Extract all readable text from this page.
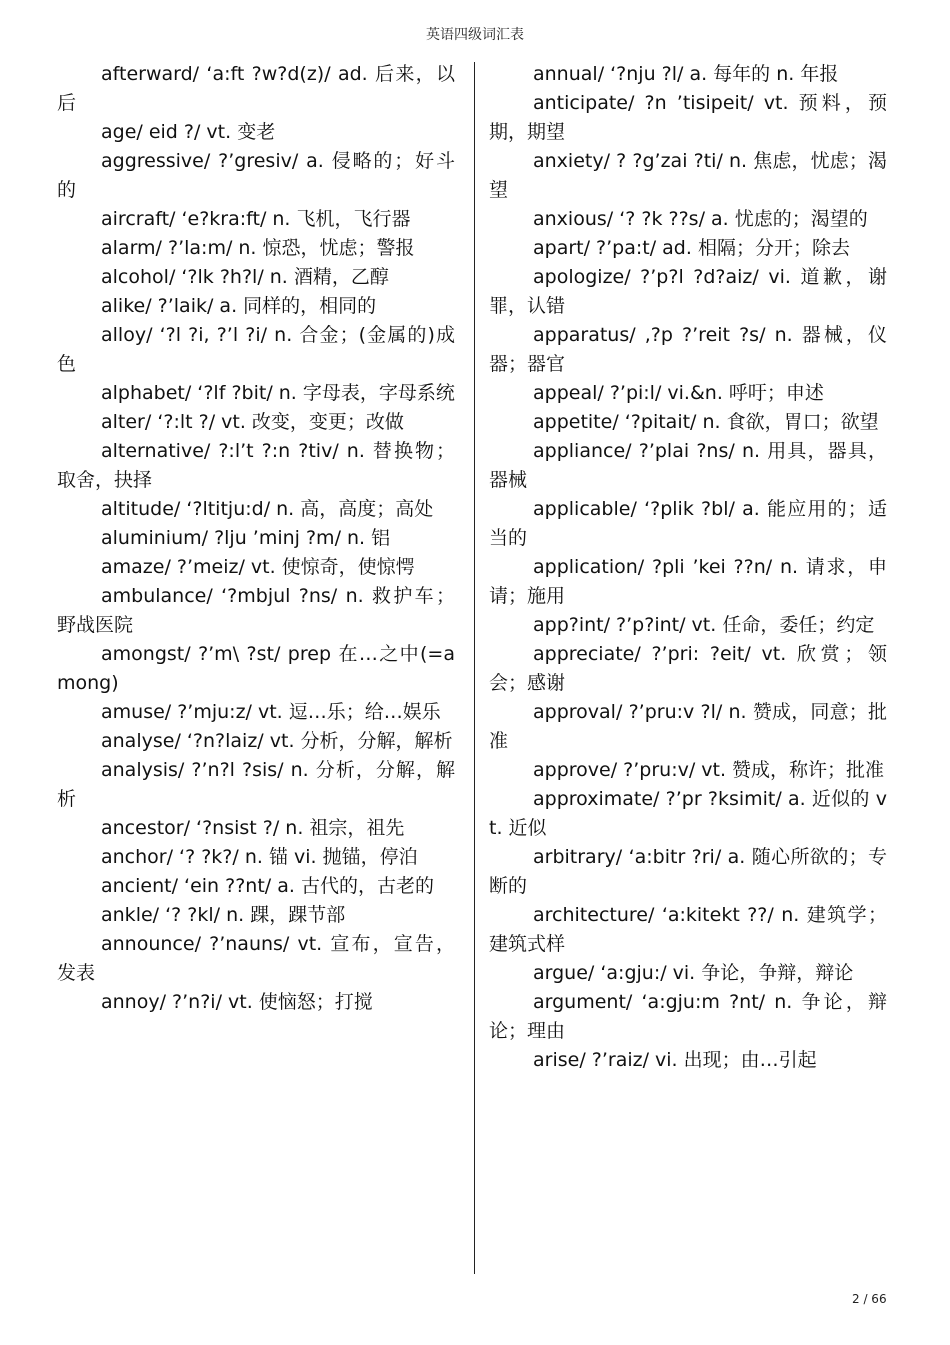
英语四级词汇表

afterward/ ‘a:ft ?w?d(z)/ ad. 后来，以后

age/ eid ?/ vt. 变老

aggressive/ ?’gresiv/ a. 侵略的；好斗的

aircraft/ ‘e?kra:ft/ n. 飞机，飞行器

alarm/ ?’la:m/ n. 惊恐，忧虑；警报

alcohol/ ‘?lk ?h?l/ n. 酒精，乙醇

alike/ ?’laik/ a. 同样的，相同的

alloy/ ‘?l ?i, ?’l ?i/ n. 合金；(金属的)成色

alphabet/ ‘?lf ?bit/ n. 字母表，字母系统

alter/ ‘?:lt ?/ vt. 改变，变更；改做

alternative/ ?:l’t ?:n ?tiv/ n. 替换物；取舍，抉择

altitude/ ‘?ltitju:d/ n. 高，高度；高处

aluminium/ ?lju ’minj ?m/ n. 铝

amaze/ ?’meiz/ vt. 使惊奇，使惊愕

ambulance/ ‘?mbjul ?ns/ n. 救护车；野战医院

amongst/ ?’m\ ?st/ prep 在…之中(=among)

amuse/ ?’mju:z/ vt. 逗…乐；给…娱乐

analyse/ ‘?n?laiz/ vt. 分析，分解，解析

analysis/ ?’n?l ?sis/ n. 分析，分解，解析

ancestor/ ‘?nsist ?/ n. 祖宗，祖先

anchor/ ‘? ?k?/ n. 锚 vi. 抛锚，停泊

ancient/ ‘ein ??nt/ a. 古代的，古老的

ankle/ ‘? ?kl/ n. 踝，踝节部

announce/ ?’nauns/ vt. 宣布，宣告，发表

annoy/ ?’n?i/ vt. 使恼怒；打搅

annual/ ‘?nju ?l/ a. 每年的 n. 年报

anticipate/ ?n ’tisipeit/ vt. 预料，预期，期望

anxiety/ ? ?g’zai ?ti/ n. 焦虑，忧虑；渴望

anxious/ ‘? ?k ??s/ a. 忧虑的；渴望的

apart/ ?’pa:t/ ad. 相隔；分开；除去

apologize/ ?’p?l ?d?aiz/ vi. 道歉，谢罪，认错

apparatus/ ,?p ?’reit ?s/ n. 器械，仪器；器官

appeal/ ?’pi:l/ vi.&n. 呼吁；申述

appetite/ ‘?pitait/ n. 食欲，胃口；欲望

appliance/ ?’plai ?ns/ n. 用具，器具，器械

applicable/ ‘?plik ?bl/ a. 能应用的；适当的

application/ ?pli ’kei ??n/ n. 请求，申请；施用

app?int/ ?’p?int/ vt. 任命，委任；约定

appreciate/ ?’pri: ?eit/ vt. 欣赏；领会；感谢

approval/ ?’pru:v ?l/ n. 赞成，同意；批准

approve/ ?’pru:v/ vt. 赞成，称许；批准

approximate/ ?’pr ?ksimit/ a. 近似的 vt. 近似

arbitrary/ ‘a:bitr ?ri/ a. 随心所欲的；专断的

architecture/ ‘a:kitekt ??/ n. 建筑学；建筑式样

argue/ ‘a:gju:/ vi. 争论，争辩，辩论

argument/ ‘a:gju:m ?nt/ n. 争论，辩论；理由

arise/ ?’raiz/ vi. 出现；由…引起

2 / 66
